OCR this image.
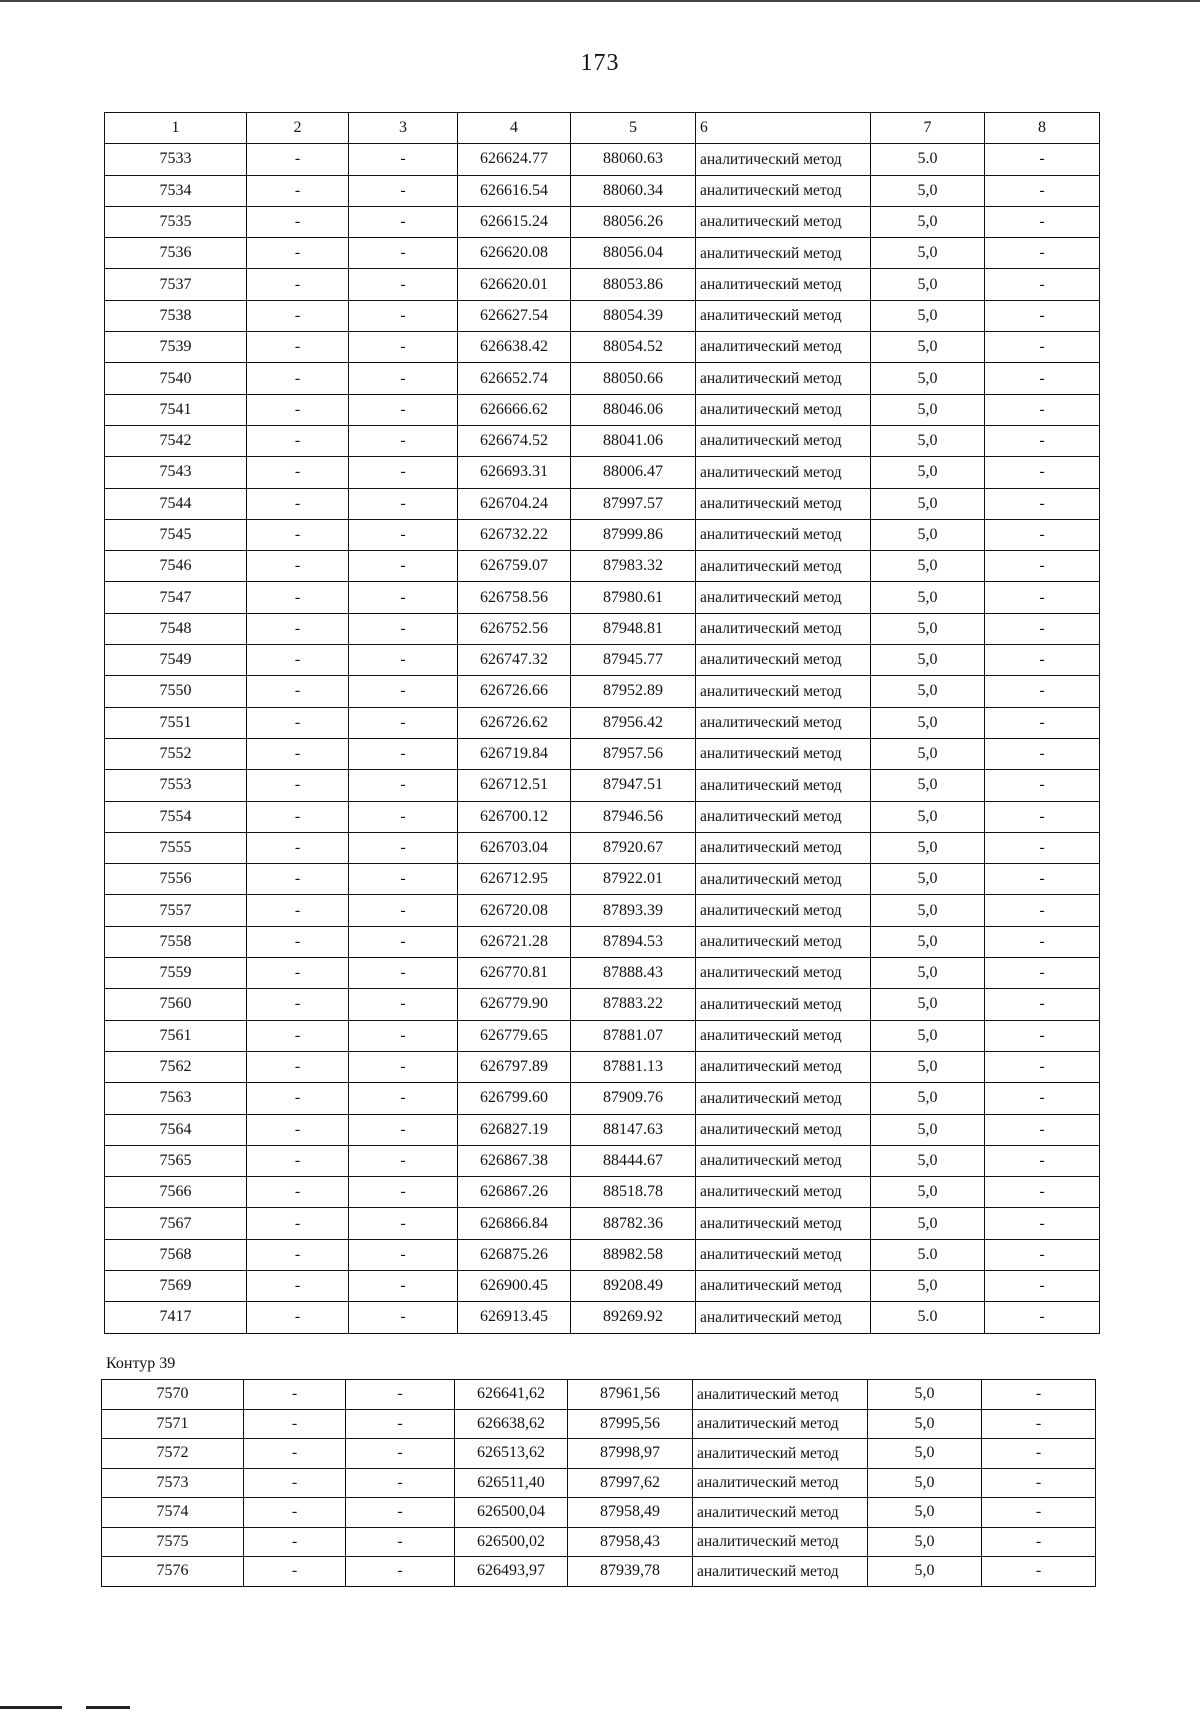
173
1	2	3	4	5	6	7	8
7533	-	-	626624.77	88060.63	аналитический метод	5.0	-
7534	-	-	626616.54	88060.34	аналитический метод	5,0	-
7535	-	-	626615.24	88056.26	аналитический метод	5,0	-
7536	-	-	626620.08	88056.04	аналитический метод	5,0	-
7537	-	-	626620.01	88053.86	аналитический метод	5,0	-
7538	-	-	626627.54	88054.39	аналитический метод	5,0	-
7539	-	-	626638.42	88054.52	аналитический метод	5,0	-
7540	-	-	626652.74	88050.66	аналитический метод	5,0	-
7541	-	-	626666.62	88046.06	аналитический метод	5,0	-
7542	-	-	626674.52	88041.06	аналитический метод	5,0	-
7543	-	-	626693.31	88006.47	аналитический метод	5,0	-
7544	-	-	626704.24	87997.57	аналитический метод	5,0	-
7545	-	-	626732.22	87999.86	аналитический метод	5,0	-
7546	-	-	626759.07	87983.32	аналитический метод	5,0	-
7547	-	-	626758.56	87980.61	аналитический метод	5,0	-
7548	-	-	626752.56	87948.81	аналитический метод	5,0	-
7549	-	-	626747.32	87945.77	аналитический метод	5,0	-
7550	-	-	626726.66	87952.89	аналитический метод	5,0	-
7551	-	-	626726.62	87956.42	аналитический метод	5,0	-
7552	-	-	626719.84	87957.56	аналитический метод	5,0	-
7553	-	-	626712.51	87947.51	аналитический метод	5,0	-
7554	-	-	626700.12	87946.56	аналитический метод	5,0	-
7555	-	-	626703.04	87920.67	аналитический метод	5,0	-
7556	-	-	626712.95	87922.01	аналитический метод	5,0	-
7557	-	-	626720.08	87893.39	аналитический метод	5,0	-
7558	-	-	626721.28	87894.53	аналитический метод	5,0	-
7559	-	-	626770.81	87888.43	аналитический метод	5,0	-
7560	-	-	626779.90	87883.22	аналитический метод	5,0	-
7561	-	-	626779.65	87881.07	аналитический метод	5,0	-
7562	-	-	626797.89	87881.13	аналитический метод	5,0	-
7563	-	-	626799.60	87909.76	аналитический метод	5,0	-
7564	-	-	626827.19	88147.63	аналитический метод	5,0	-
7565	-	-	626867.38	88444.67	аналитический метод	5,0	-
7566	-	-	626867.26	88518.78	аналитический метод	5,0	-
7567	-	-	626866.84	88782.36	аналитический метод	5,0	-
7568	-	-	626875.26	88982.58	аналитический метод	5.0	-
7569	-	-	626900.45	89208.49	аналитический метод	5,0	-
7417	-	-	626913.45	89269.92	аналитический метод	5.0	-
Контур 39
7570	-	-	626641,62	87961,56	аналитический метод	5,0	-
7571	-	-	626638,62	87995,56	аналитический метод	5,0	-
7572	-	-	626513,62	87998,97	аналитический метод	5,0	-
7573	-	-	626511,40	87997,62	аналитический метод	5,0	-
7574	-	-	626500,04	87958,49	аналитический метод	5,0	-
7575	-	-	626500,02	87958,43	аналитический метод	5,0	-
7576	-	-	626493,97	87939,78	аналитический метод	5,0	-
